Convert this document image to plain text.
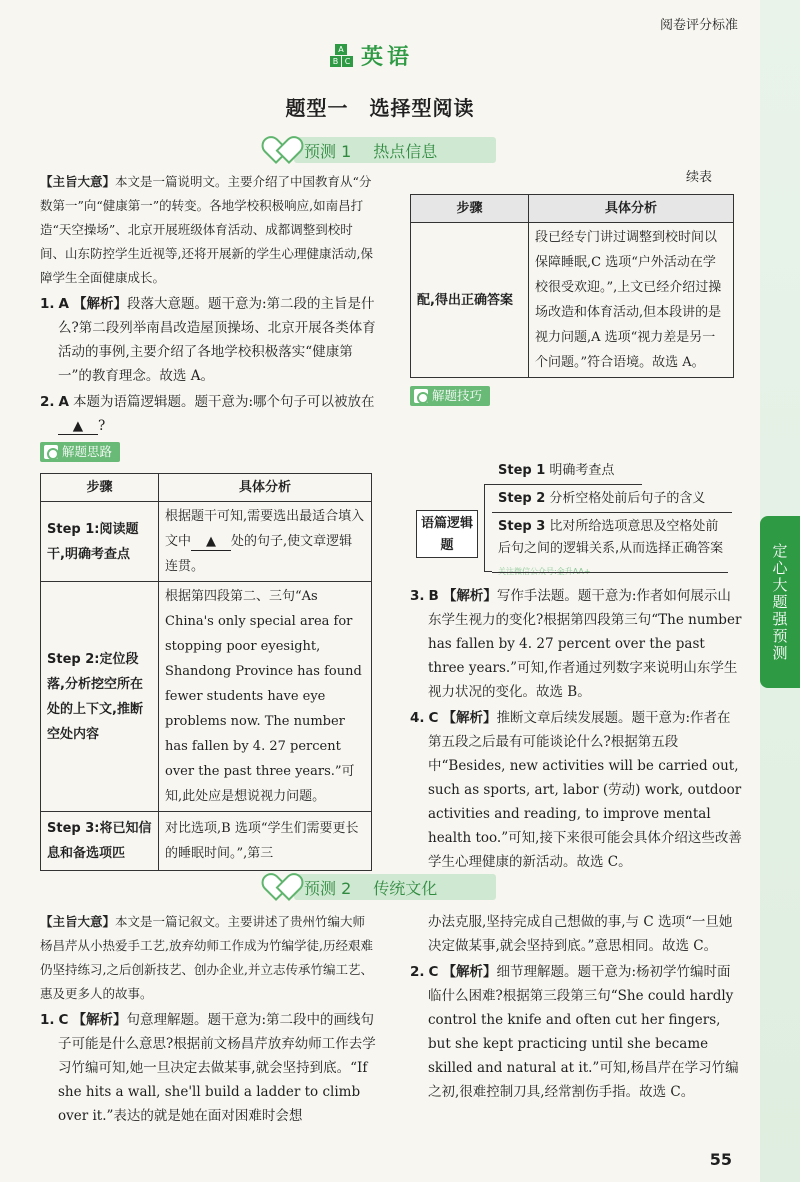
定心大题强预测
阅卷评分标准
A
B C 英语
题型一　选择型阅读
预测 1 热点信息

【主旨大意】本文是一篇说明文。主要介绍了中国教育从“分数第一”向“健康第一”的转变。各地学校积极响应,如南昌打造“天空操场”、北京开展班级体育活动、成都调整到校时间、山东防控学生近视等,还将开展新的学生心理健康活动,保障学生全面健康成长。

1. A 【解析】段落大意题。题干意为:第二段的主旨是什么?第二段列举南昌改造屋顶操场、北京开展各类体育活动的事例,主要介绍了各地学校积极落实“健康第一”的教育理念。故选 A。

2. A 本题为语篇逻辑题。题干意为:哪个句子可以被放在▲ ?

解题思路
步骤	具体分析
Step 1:阅读题干,明确考查点	根据题干可知,需要选出最适合填入文中 ▲ 处的句子,使文章逻辑连贯。
Step 2:定位段落,分析挖空所在处的上下文,推断空处内容	根据第四段第二、三句“As China's only special area for stopping poor eyesight, Shandong Province has found fewer students have eye problems now. The number has fallen by 4. 27 percent over the past three years.”可知,此处应是想说视力问题。
Step 3:将已知信息和备选项匹	对比选项,B 选项“学生们需要更长的睡眠时间。”,第三
续表
步骤	具体分析
配,得出正确答案	段已经专门讲过调整到校时间以保障睡眠,C 选项“户外活动在学校很受欢迎。”,上文已经介绍过操场改造和体育活动,但本段讲的是视力问题,A 选项“视力差是另一个问题。”符合语境。故选 A。
解题技巧
语篇逻辑题
Step 1 明确考查点
Step 2 分析空格处前后句子的含义
Step 3 比对所给选项意思及空格处前后句之间的逻辑关系,从而选择正确答案 关注微信公众号:金升AA+

3. B 【解析】写作手法题。题干意为:作者如何展示山东学生视力的变化?根据第四段第三句“The number has fallen by 4. 27 percent over the past three years.”可知,作者通过列数字来说明山东学生视力状况的变化。故选 B。

4. C 【解析】推断文章后续发展题。题干意为:作者在第五段之后最有可能谈论什么?根据第五段中“Besides, new activities will be carried out, such as sports, art, labor (劳动) work, outdoor activities and reading, to improve mental health too.”可知,接下来很可能会具体介绍这些改善学生心理健康的新活动。故选 C。

预测 2 传统文化

【主旨大意】本文是一篇记叙文。主要讲述了贵州竹编大师杨昌芹从小热爱手工艺,放弃幼师工作成为竹编学徒,历经艰难仍坚持练习,之后创新技艺、创办企业,并立志传承竹编工艺、惠及更多人的故事。

1. C 【解析】句意理解题。题干意为:第二段中的画线句子可能是什么意思?根据前文杨昌芹放弃幼师工作去学习竹编可知,她一旦决定去做某事,就会坚持到底。“If she hits a wall, she'll build a ladder to climb over it.”表达的就是她在面对困难时会想

办法克服,坚持完成自己想做的事,与 C 选项“一旦她决定做某事,就会坚持到底。”意思相同。故选 C。

2. C 【解析】细节理解题。题干意为:杨初学竹编时面临什么困难?根据第三段第三句“She could hardly control the knife and often cut her fingers, but she kept practicing until she became skilled and natural at it.”可知,杨昌芹在学习竹编之初,很难控制刀具,经常割伤手指。故选 C。

55
